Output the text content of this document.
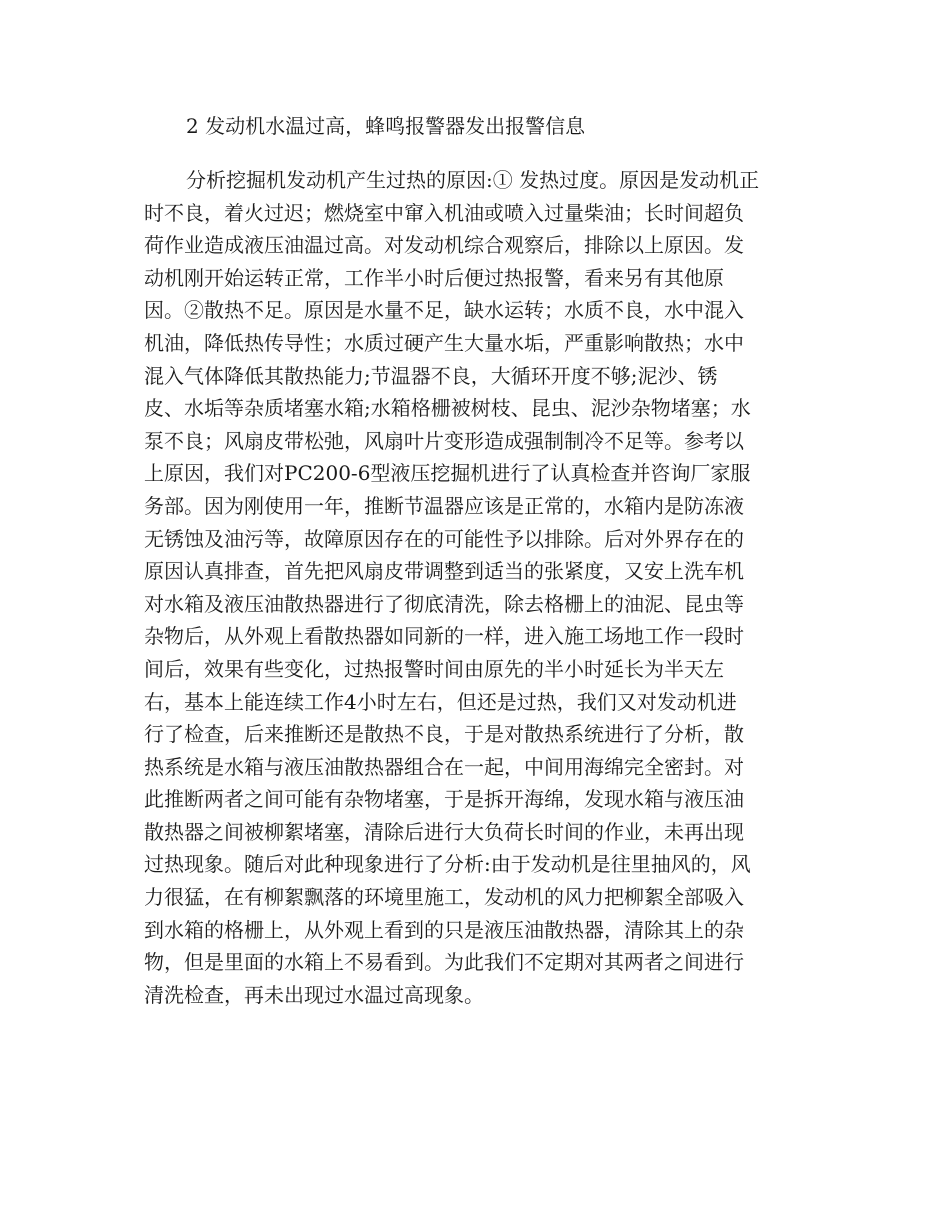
2 发动机水温过高，蜂鸣报警器发出报警信息
分析挖掘机发动机产生过热的原因:① 发热过度。原因是发动机正
时不良，着火过迟；燃烧室中窜入机油或喷入过量柴油；长时间超负
荷作业造成液压油温过高。对发动机综合观察后，排除以上原因。发
动机刚开始运转正常，工作半小时后便过热报警，看来另有其他原
因。②散热不足。原因是水量不足，缺水运转；水质不良，水中混入
机油，降低热传导性；水质过硬产生大量水垢，严重影响散热；水中
混入气体降低其散热能力;节温器不良，大循环开度不够;泥沙、锈
皮、水垢等杂质堵塞水箱;水箱格栅被树枝、昆虫、泥沙杂物堵塞；水
泵不良；风扇皮带松弛，风扇叶片变形造成强制制冷不足等。参考以
上原因，我们对PC200-6型液压挖掘机进行了认真检查并咨询厂家服
务部。因为刚使用一年，推断节温器应该是正常的，水箱内是防冻液
无锈蚀及油污等，故障原因存在的可能性予以排除。后对外界存在的
原因认真排查，首先把风扇皮带调整到适当的张紧度，又安上洗车机
对水箱及液压油散热器进行了彻底清洗，除去格栅上的油泥、昆虫等
杂物后，从外观上看散热器如同新的一样，进入施工场地工作一段时
间后，效果有些变化，过热报警时间由原先的半小时延长为半天左
右，基本上能连续工作4小时左右，但还是过热，我们又对发动机进
行了检查，后来推断还是散热不良，于是对散热系统进行了分析，散
热系统是水箱与液压油散热器组合在一起，中间用海绵完全密封。对
此推断两者之间可能有杂物堵塞，于是拆开海绵，发现水箱与液压油
散热器之间被柳絮堵塞，清除后进行大负荷长时间的作业，未再出现
过热现象。随后对此种现象进行了分析:由于发动机是往里抽风的，风
力很猛，在有柳絮飘落的环境里施工，发动机的风力把柳絮全部吸入
到水箱的格栅上，从外观上看到的只是液压油散热器，清除其上的杂
物，但是里面的水箱上不易看到。为此我们不定期对其两者之间进行
清洗检查，再未出现过水温过高现象。
